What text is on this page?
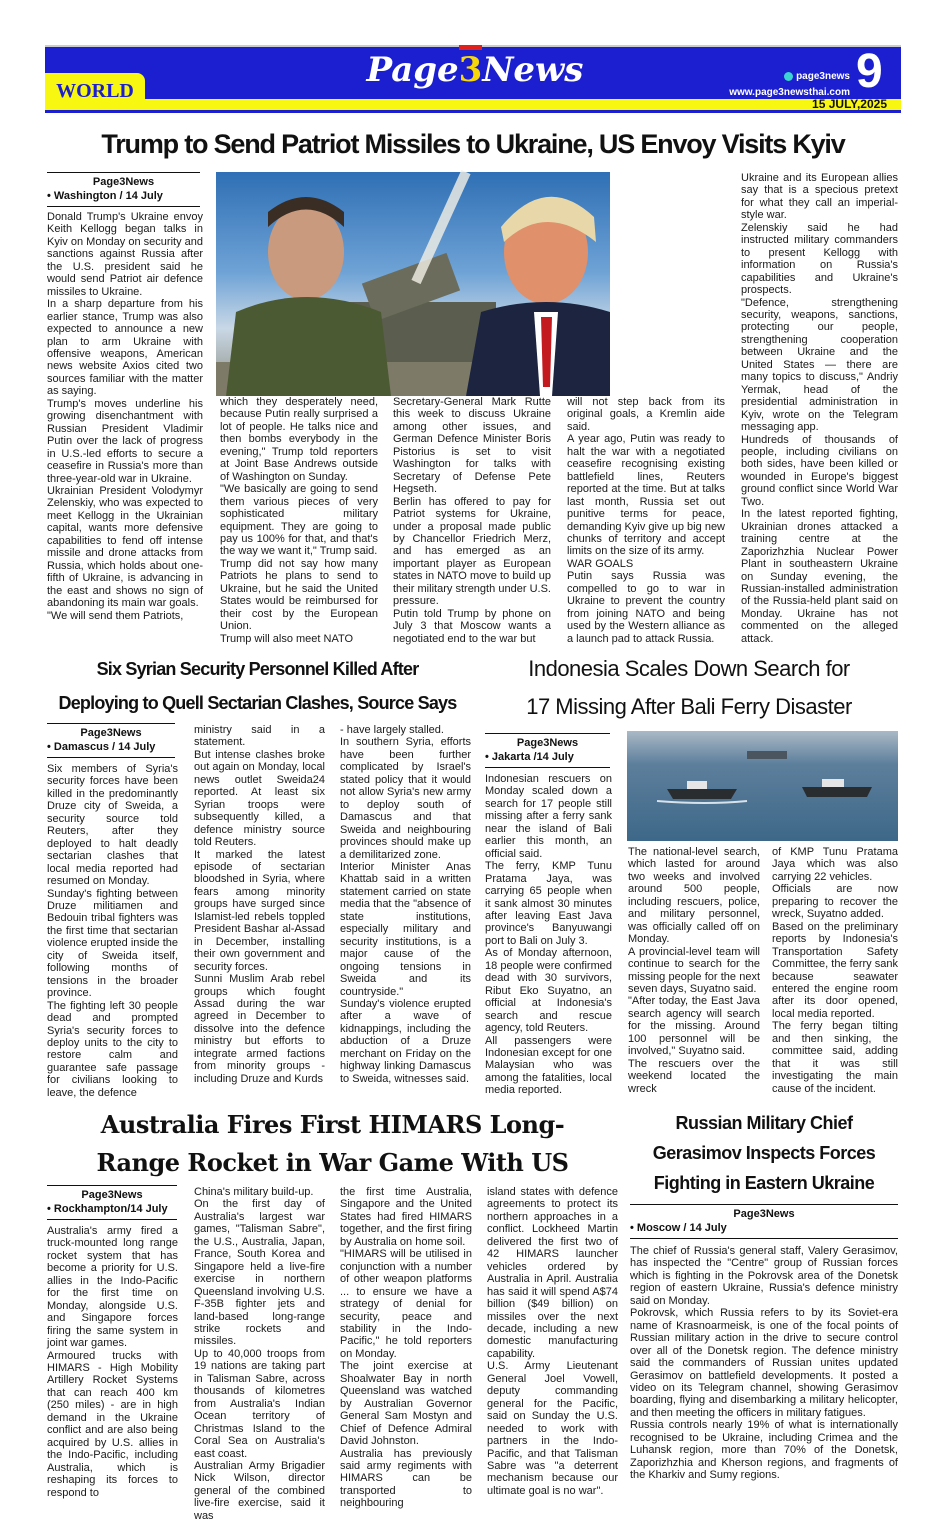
WORLD
Page3News	page3news
www.page3newsthai.com 9
15 JULY,2025
Trump to Send Patriot Missiles to Ukraine, US Envoy Visits Kyiv
Page3News
• Washington / 14 July

Donald Trump's Ukraine envoy Keith Kellogg began talks in Kyiv on Monday on security and sanctions against Russia after the U.S. president said he would send Patriot air defence missiles to Ukraine.

In a sharp departure from his earlier stance, Trump was also expected to announce a new plan to arm Ukraine with offensive weapons, American news website Axios cited two sources familiar with the matter as saying.

Trump's moves underline his growing disenchantment with Russian President Vladimir Putin over the lack of progress in U.S.-led efforts to secure a ceasefire in Russia's more than three-year-old war in Ukraine.

Ukrainian President Volodymyr Zelenskiy, who was expected to meet Kellogg in the Ukrainian capital, wants more defensive capabilities to fend off intense missile and drone attacks from Russia, which holds about one-fifth of Ukraine, is advancing in the east and shows no sign of abandoning its main war goals.

"We will send them Patriots,

which they desperately need, because Putin really surprised a lot of people. He talks nice and then bombs everybody in the evening," Trump told reporters at Joint Base Andrews outside of Washington on Sunday.

"We basically are going to send them various pieces of very sophisticated military equipment. They are going to pay us 100% for that, and that's the way we want it," Trump said.

Trump did not say how many Patriots he plans to send to Ukraine, but he said the United States would be reimbursed for their cost by the European Union.

Trump will also meet NATO

Secretary-General Mark Rutte this week to discuss Ukraine among other issues, and German Defence Minister Boris Pistorius is set to visit Washington for talks with Secretary of Defense Pete Hegseth.

Berlin has offered to pay for Patriot systems for Ukraine, under a proposal made public by Chancellor Friedrich Merz, and has emerged as an important player as European states in NATO move to build up their military strength under U.S. pressure.

Putin told Trump by phone on July 3 that Moscow wants a negotiated end to the war but

will not step back from its original goals, a Kremlin aide said.

A year ago, Putin was ready to halt the war with a negotiated ceasefire recognising existing battlefield lines, Reuters reported at the time. But at talks last month, Russia set out punitive terms for peace, demanding Kyiv give up big new chunks of territory and accept limits on the size of its army.

WAR GOALS

Putin says Russia was compelled to go to war in Ukraine to prevent the country from joining NATO and being used by the Western alliance as a launch pad to attack Russia.

Ukraine and its European allies say that is a specious pretext for what they call an imperial-style war.

Zelenskiy said he had instructed military commanders to present Kellogg with information on Russia's capabilities and Ukraine's prospects.

"Defence, strengthening security, weapons, sanctions, protecting our people, strengthening cooperation between Ukraine and the United States — there are many topics to discuss," Andriy Yermak, head of the presidential administration in Kyiv, wrote on the Telegram messaging app.

Hundreds of thousands of people, including civilians on both sides, have been killed or wounded in Europe's biggest ground conflict since World War Two.

In the latest reported fighting, Ukrainian drones attacked a training centre at the Zaporizhzhia Nuclear Power Plant in southeastern Ukraine on Sunday evening, the Russian-installed administration of the Russia-held plant said on Monday. Ukraine has not commented on the alleged attack.

Six Syrian Security Personnel Killed After
Deploying to Quell Sectarian Clashes, Source Says
Page3News
• Damascus / 14 July

Six members of Syria's security forces have been killed in the predominantly Druze city of Sweida, a security source told Reuters, after they deployed to halt deadly sectarian clashes that local media reported had resumed on Monday.

Sunday's fighting between Druze militiamen and Bedouin tribal fighters was the first time that sectarian violence erupted inside the city of Sweida itself, following months of tensions in the broader province.

The fighting left 30 people dead and prompted Syria's security forces to deploy units to the city to restore calm and guarantee safe passage for civilians looking to leave, the defence

ministry said in a statement.

But intense clashes broke out again on Monday, local news outlet Sweida24 reported. At least six Syrian troops were subsequently killed, a defence ministry source told Reuters.

It marked the latest episode of sectarian bloodshed in Syria, where fears among minority groups have surged since Islamist-led rebels toppled President Bashar al-Assad in December, installing their own government and security forces.

Sunni Muslim Arab rebel groups which fought Assad during the war agreed in December to dissolve into the defence ministry but efforts to integrate armed factions from minority groups - including Druze and Kurds

- have largely stalled.

In southern Syria, efforts have been further complicated by Israel's stated policy that it would not allow Syria's new army to deploy south of Damascus and that Sweida and neighbouring provinces should make up a demilitarized zone.

Interior Minister Anas Khattab said in a written statement carried on state media that the "absence of state institutions, especially military and security institutions, is a major cause of the ongoing tensions in Sweida and its countryside."

Sunday's violence erupted after a wave of kidnappings, including the abduction of a Druze merchant on Friday on the highway linking Damascus to Sweida, witnesses said.

Indonesia Scales Down Search for
17 Missing After Bali Ferry Disaster
Page3News
• Jakarta /14 July

Indonesian rescuers on Monday scaled down a search for 17 people still missing after a ferry sank near the island of Bali earlier this month, an official said.

The ferry, KMP Tunu Pratama Jaya, was carrying 65 people when it sank almost 30 minutes after leaving East Java province's Banyuwangi port to Bali on July 3.

As of Monday afternoon, 18 people were confirmed dead with 30 survivors, Ribut Eko Suyatno, an official at Indonesia's search and rescue agency, told Reuters.

All passengers were Indonesian except for one Malaysian who was among the fatalities, local media reported.

The national-level search, which lasted for around two weeks and involved around 500 people, including rescuers, police, and military personnel, was officially called off on Monday.

A provincial-level team will continue to search for the missing people for the next seven days, Suyatno said.

"After today, the East Java search agency will search for the missing. Around 100 personnel will be involved," Suyatno said.

The rescuers over the weekend located the wreck

of KMP Tunu Pratama Jaya which was also carrying 22 vehicles.

Officials are now preparing to recover the wreck, Suyatno added.

Based on the preliminary reports by Indonesia's Transportation Safety Committee, the ferry sank because seawater entered the engine room after its door opened, local media reported.

The ferry began tilting and then sinking, the committee said, adding that it was still investigating the main cause of the incident.

Australia Fires First HIMARS Long-
Range Rocket in War Game With US
Page3News
• Rockhampton/14 July

Australia's army fired a truck-mounted long range rocket system that has become a priority for U.S. allies in the Indo-Pacific for the first time on Monday, alongside U.S. and Singapore forces firing the same system in joint war games.

Armoured trucks with HIMARS - High Mobility Artillery Rocket Systems that can reach 400 km (250 miles) - are in high demand in the Ukraine conflict and are also being acquired by U.S. allies in the Indo-Pacific, including Australia, which is reshaping its forces to respond to

China's military build-up.

On the first day of Australia's largest war games, "Talisman Sabre", the U.S., Australia, Japan, France, South Korea and Singapore held a live-fire exercise in northern Queensland involving U.S. F-35B fighter jets and land-based long-range strike rockets and missiles.

Up to 40,000 troops from 19 nations are taking part in Talisman Sabre, across thousands of kilometres from Australia's Indian Ocean territory of Christmas Island to the Coral Sea on Australia's east coast.

Australian Army Brigadier Nick Wilson, director general of the combined live-fire exercise, said it was

the first time Australia, Singapore and the United States had fired HIMARS together, and the first firing by Australia on home soil.

"HIMARS will be utilised in conjunction with a number of other weapon platforms ... to ensure we have a strategy of denial for security, peace and stability in the Indo-Pacific," he told reporters on Monday.

The joint exercise at Shoalwater Bay in north Queensland was watched by Australian Governor General Sam Mostyn and Chief of Defence Admiral David Johnston.

Australia has previously said army regiments with HIMARS can be transported to neighbouring

island states with defence agreements to protect its northern approaches in a conflict. Lockheed Martin delivered the first two of 42 HIMARS launcher vehicles ordered by Australia in April. Australia has said it will spend A$74 billion ($49 billion) on missiles over the next decade, including a new domestic manufacturing capability.

U.S. Army Lieutenant General Joel Vowell, deputy commanding general for the Pacific, said on Sunday the U.S. needed to work with partners in the Indo-Pacific, and that Talisman Sabre was "a deterrent mechanism because our ultimate goal is no war".

Russian Military Chief
Gerasimov Inspects Forces
Fighting in Eastern Ukraine
Page3News
• Moscow / 14 July

The chief of Russia's general staff, Valery Gerasimov, has inspected the "Centre" group of Russian forces which is fighting in the Pokrovsk area of the Donetsk region of eastern Ukraine, Russia's defence ministry said on Monday.

Pokrovsk, which Russia refers to by its Soviet-era name of Krasnoarmeisk, is one of the focal points of Russian military action in the drive to secure control over all of the Donetsk region. The defence ministry said the commanders of Russian unites updated Gerasimov on battlefield developments. It posted a video on its Telegram channel, showing Gerasimov boarding, flying and disembarking a military helicopter, and then meeting the officers in military fatigues.

Russia controls nearly 19% of what is internationally recognised to be Ukraine, including Crimea and the Luhansk region, more than 70% of the Donetsk, Zaporizhzhia and Kherson regions, and fragments of the Kharkiv and Sumy regions.
